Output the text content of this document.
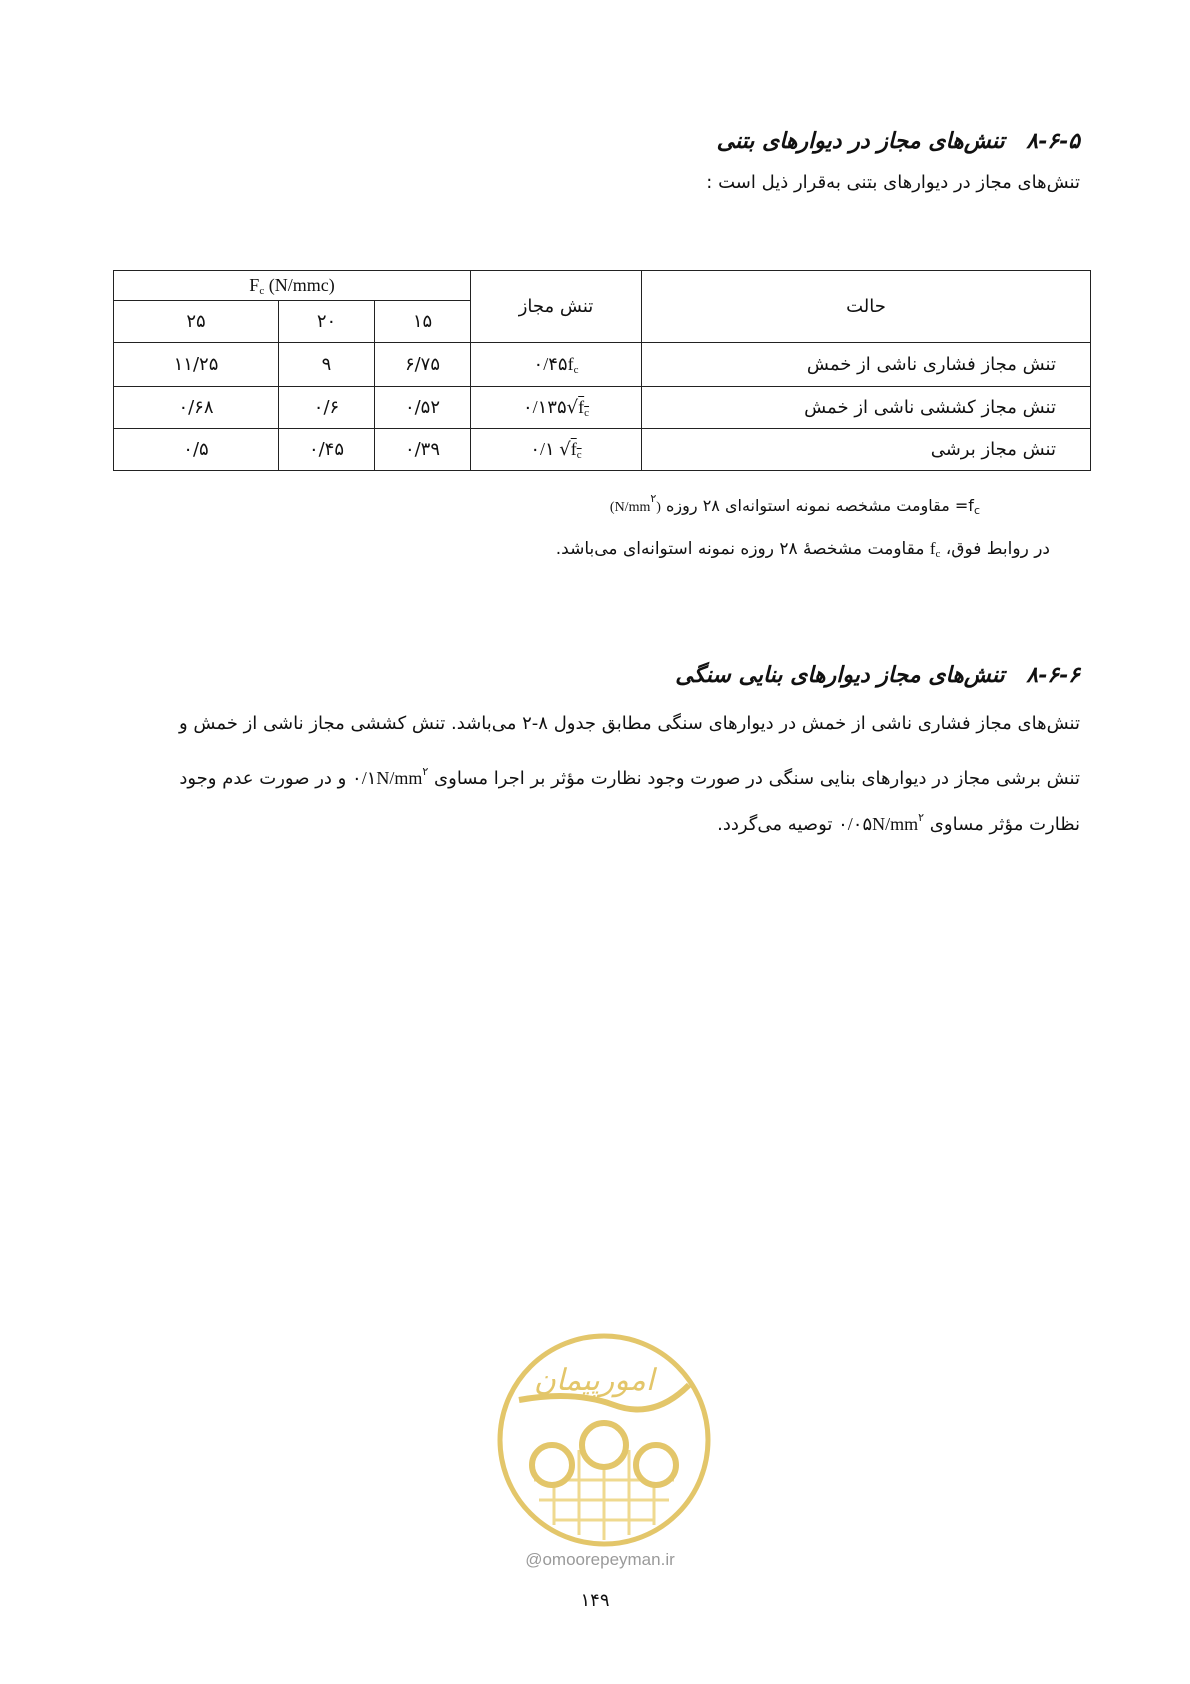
۸-۶-۵ تنش‌های مجاز در دیوارهای بتنی
تنش‌های مجاز در دیوارهای بتنی به‌قرار ذیل است :
حالت	تنش مجاز	$F_c$ (N/mmc)		
		۱۵	۲۰	۲۵
تنش مجاز فشاری ناشی از خمش	$۰/۴۵f_c$	۶/۷۵	۹	۱۱/۲۵
تنش مجاز کششی ناشی از خمش	$۰/۱۳۵√f_c$	۰/۵۲	۰/۶	۰/۶۸
تنش مجاز برشی	۰/۱ $√f_c$	۰/۳۹	۰/۴۵	۰/۵
$f_c=$ مقاومت مشخصه نمونه استوانه‌ای ۲۸ روزه $(N/mm^۲)$
در روابط فوق، $f_c$ مقاومت مشخصهٔ ۲۸ روزه نمونه استوانه‌ای می‌باشد.
۸-۶-۶ تنش‌های مجاز دیوارهای بنایی سنگی
تنش‌های مجاز فشاری ناشی از خمش در دیوارهای سنگی مطابق جدول ۸-۲ می‌باشد. تنش کششی مجاز ناشی از خمش و
تنش برشی مجاز در دیوارهای بنایی سنگی در صورت وجود نظارت مؤثر بر اجرا مساوی $۰/۱N/mm^۲$ و در صورت عدم وجود
نظارت مؤثر مساوی $۰/۰۵N/mm^۲$ توصیه می‌گردد.
امورپیمان
@omoorepeyman.ir
۱۴۹
